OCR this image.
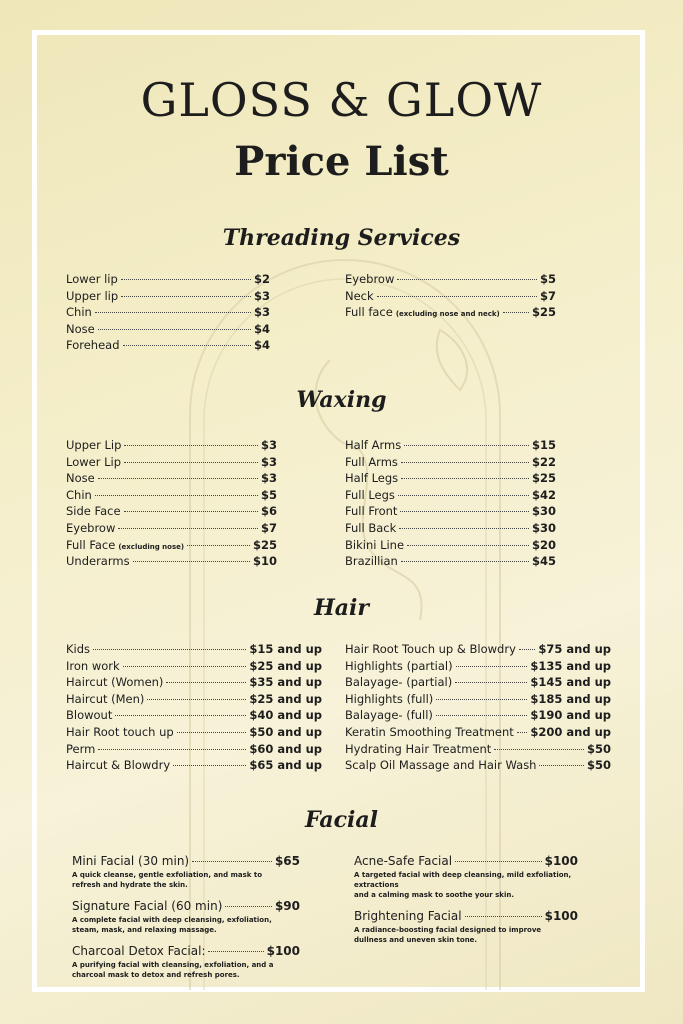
GLOSS & GLOW
Price List
Threading Services
Lower lip	$2
Upper lip	$3
Chin	$3
Nose	$4
Forehead	$4
Eyebrow	$5
Neck	$7
Full face (excluding nose and neck)	$25
Waxing
Upper Lip	$3
Lower Lip	$3
Nose	$3
Chin	$5
Side Face	$6
Eyebrow	$7
Full Face (excluding nose)	$25
Underarms	$10
Half Arms	$15
Full Arms	$22
Half Legs	$25
Full Legs	$42
Full Front	$30
Full Back	$30
Bikini Line	$20
Brazillian	$45
Hair
Kids	$15 and up
Iron work	$25 and up
Haircut (Women)	$35 and up
Haircut (Men)	$25 and up
Blowout	$40 and up
Hair Root touch up	$50 and up
Perm	$60 and up
Haircut & Blowdry	$65 and up
Hair Root Touch up & Blowdry $75 and up
Highlights (partial)	$135 and up
Balayage- (partial)	$145 and up
Highlights (full)	$185 and up
Balayage- (full)	$190 and up
Keratin Smoothing Treatment $200 and up
Hydrating Hair Treatment	$50
Scalp Oil Massage and Hair Wash	$50
Facial
Mini Facial (30 min)	$65
A quick cleanse, gentle exfoliation, and mask to
refresh and hydrate the skin.
Signature Facial (60 min)	$90
A complete facial with deep cleansing, exfoliation,
steam, mask, and relaxing massage.
Charcoal Detox Facial:	$100
A purifying facial with cleansing, exfoliation, and a
charcoal mask to detox and refresh pores.
Acne-Safe Facial	$100
A targeted facial with deep cleansing, mild exfoliation, extractions
and a calming mask to soothe your skin.
Brightening Facial	$100
A radiance-boosting facial designed to improve
dullness and uneven skin tone.
